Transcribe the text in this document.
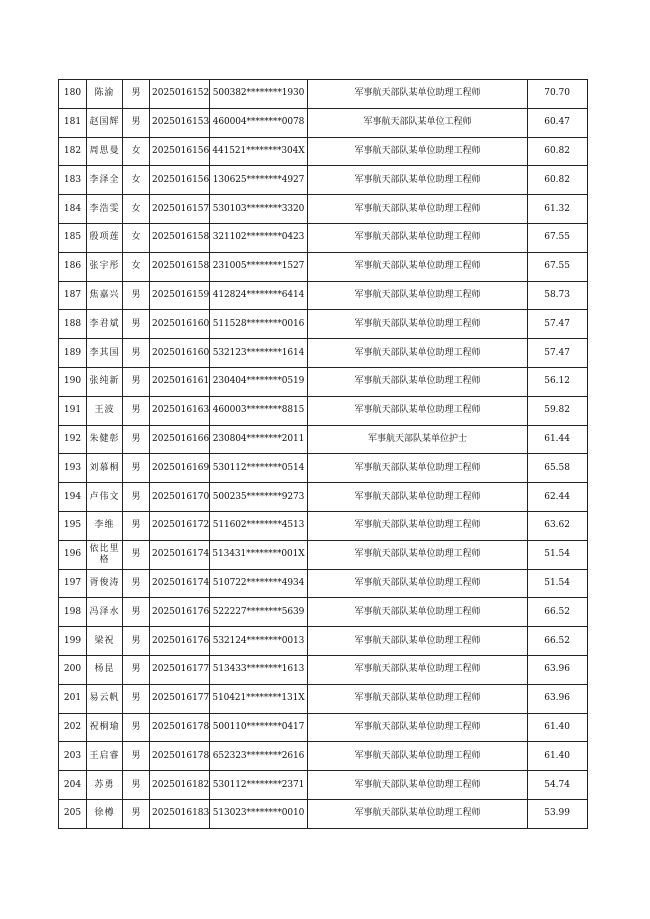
180	陈渝	男	2025016152	500382********1930	军事航天部队某单位助理工程师	70.70
181	赵国辉	男	2025016153	460004********0078	军事航天部队某单位工程师	60.47
182	周思曼	女	2025016156	441521********304X	军事航天部队某单位助理工程师	60.82
183	李泽全	女	2025016156	130625********4927	军事航天部队某单位助理工程师	60.82
184	李浩雯	女	2025016157	530103********3320	军事航天部队某单位助理工程师	61.32
185	殷项莲	女	2025016158	321102********0423	军事航天部队某单位助理工程师	67.55
186	张宇彤	女	2025016158	231005********1527	军事航天部队某单位助理工程师	67.55
187	焦嘉兴	男	2025016159	412824********6414	军事航天部队某单位助理工程师	58.73
188	李君斌	男	2025016160	511528********0016	军事航天部队某单位助理工程师	57.47
189	李其国	男	2025016160	532123********1614	军事航天部队某单位助理工程师	57.47
190	张纯新	男	2025016161	230404********0519	军事航天部队某单位助理工程师	56.12
191	王波	男	2025016163	460003********8815	军事航天部队某单位助理工程师	59.82
192	朱健彰	男	2025016166	230804********2011	军事航天部队某单位护士	61.44
193	刘慕桐	男	2025016169	530112********0514	军事航天部队某单位助理工程师	65.58
194	卢伟文	男	2025016170	500235********9273	军事航天部队某单位助理工程师	62.44
195	李维	男	2025016172	511602********4513	军事航天部队某单位助理工程师	63.62
196	依比里格	男	2025016174	513431********001X	军事航天部队某单位助理工程师	51.54
197	胥俊涛	男	2025016174	510722********4934	军事航天部队某单位助理工程师	51.54
198	冯泽水	男	2025016176	522227********5639	军事航天部队某单位助理工程师	66.52
199	梁祝	男	2025016176	532124********0013	军事航天部队某单位助理工程师	66.52
200	杨昆	男	2025016177	513433********1613	军事航天部队某单位助理工程师	63.96
201	易云帆	男	2025016177	510421********131X	军事航天部队某单位助理工程师	63.96
202	祝桐瑜	男	2025016178	500110********0417	军事航天部队某单位助理工程师	61.40
203	王启睿	男	2025016178	652323********2616	军事航天部队某单位助理工程师	61.40
204	苏勇	男	2025016182	530112********2371	军事航天部队某单位助理工程师	54.74
205	徐樽	男	2025016183	513023********0010	军事航天部队某单位助理工程师	53.99
